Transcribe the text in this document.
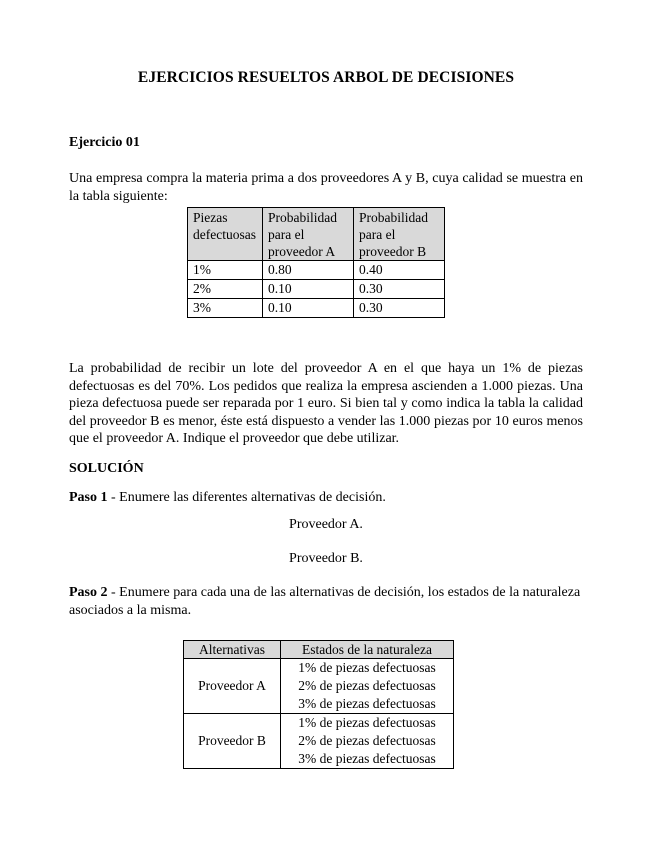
EJERCICIOS RESUELTOS ARBOL DE DECISIONES
Ejercicio 01
Una empresa compra la materia prima a dos proveedores A y B, cuya calidad se muestra en la tabla siguiente:
Piezas defectuosas	Probabilidad para el proveedor A	Probabilidad para el proveedor B
1%	0.80	0.40
2%	0.10	0.30
3%	0.10	0.30
La probabilidad de recibir un lote del proveedor A en el que haya un 1% de piezas defectuosas es del 70%. Los pedidos que realiza la empresa ascienden a 1.000 piezas. Una pieza defectuosa puede ser reparada por 1 euro. Si bien tal y como indica la tabla la calidad del proveedor B es menor, éste está dispuesto a vender las 1.000 piezas por 10 euros menos que el proveedor A. Indique el proveedor que debe utilizar.
SOLUCIÓN
Paso 1 - Enumere las diferentes alternativas de decisión.
Proveedor A.
Proveedor B.
Paso 2 - Enumere para cada una de las alternativas de decisión, los estados de la naturaleza asociados a la misma.
Alternativas	Estados de la naturaleza
Proveedor A	1% de piezas defectuosas
2% de piezas defectuosas
3% de piezas defectuosas

Proveedor B	1% de piezas defectuosas
2% de piezas defectuosas
3% de piezas defectuosas
